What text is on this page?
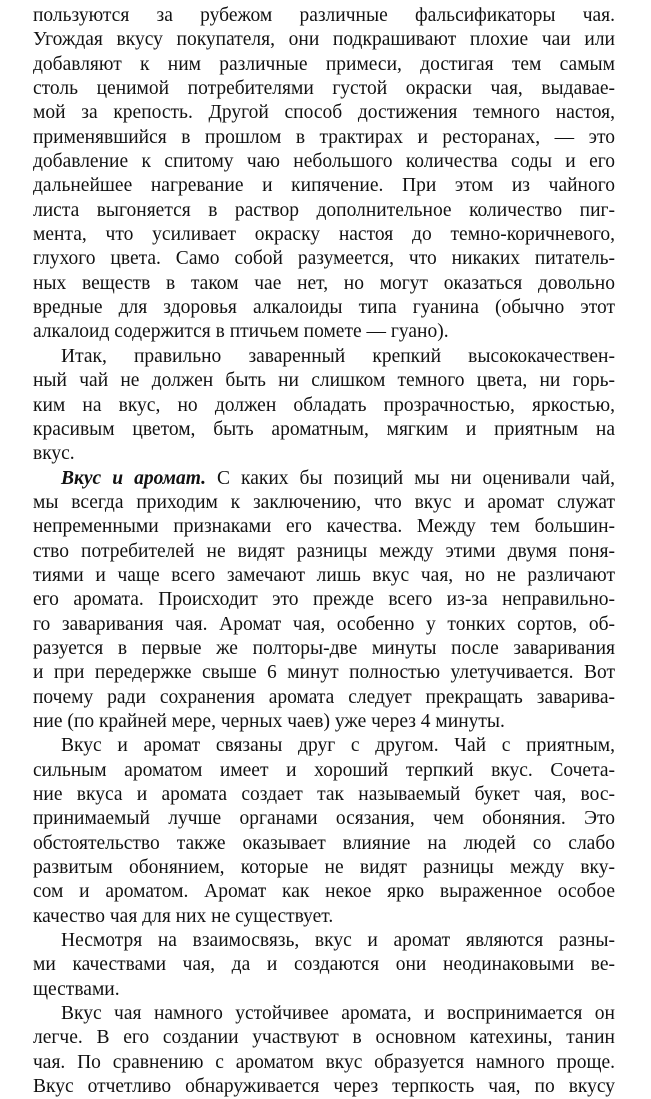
пользуются за рубежом различные фальсификаторы чая.
Угождая вкусу покупателя, они подкрашивают плохие чаи или
добавляют к ним различные примеси, достигая тем самым
столь ценимой потребителями густой окраски чая, выдавае-
мой за крепость. Другой способ достижения темного настоя,
применявшийся в прошлом в трактирах и ресторанах, — это
добавление к спитому чаю небольшого количества соды и его
дальнейшее нагревание и кипячение. При этом из чайного
листа выгоняется в раствор дополнительное количество пиг-
мента, что усиливает окраску настоя до темно-коричневого,
глухого цвета. Само собой разумеется, что никаких питатель-
ных веществ в таком чае нет, но могут оказаться довольно
вредные для здоровья алкалоиды типа гуанина (обычно этот
алкалоид содержится в птичьем помете — гуано).
Итак, правильно заваренный крепкий высококачествен-
ный чай не должен быть ни слишком темного цвета, ни горь-
ким на вкус, но должен обладать прозрачностью, яркостью,
красивым цветом, быть ароматным, мягким и приятным на
вкус.
Вкус и аромат. С каких бы позиций мы ни оценивали чай,
мы всегда приходим к заключению, что вкус и аромат служат
непременными признаками его качества. Между тем большин-
ство потребителей не видят разницы между этими двумя поня-
тиями и чаще всего замечают лишь вкус чая, но не различают
его аромата. Происходит это прежде всего из-за неправильно-
го заваривания чая. Аромат чая, особенно у тонких сортов, об-
разуется в первые же полторы-две минуты после заваривания
и при передержке свыше 6 минут полностью улетучивается. Вот
почему ради сохранения аромата следует прекращать заварива-
ние (по крайней мере, черных чаев) уже через 4 минуты.
Вкус и аромат связаны друг с другом. Чай с приятным,
сильным ароматом имеет и хороший терпкий вкус. Сочета-
ние вкуса и аромата создает так называемый букет чая, вос-
принимаемый лучше органами осязания, чем обоняния. Это
обстоятельство также оказывает влияние на людей со слабо
развитым обонянием, которые не видят разницы между вку-
сом и ароматом. Аромат как некое ярко выраженное особое
качество чая для них не существует.
Несмотря на взаимосвязь, вкус и аромат являются разны-
ми качествами чая, да и создаются они неодинаковыми ве-
ществами.
Вкус чая намного устойчивее аромата, и воспринимается он
легче. В его создании участвуют в основном катехины, танин
чая. По сравнению с ароматом вкус образуется намного проще.
Вкус отчетливо обнаруживается через терпкость чая, по вкусу
